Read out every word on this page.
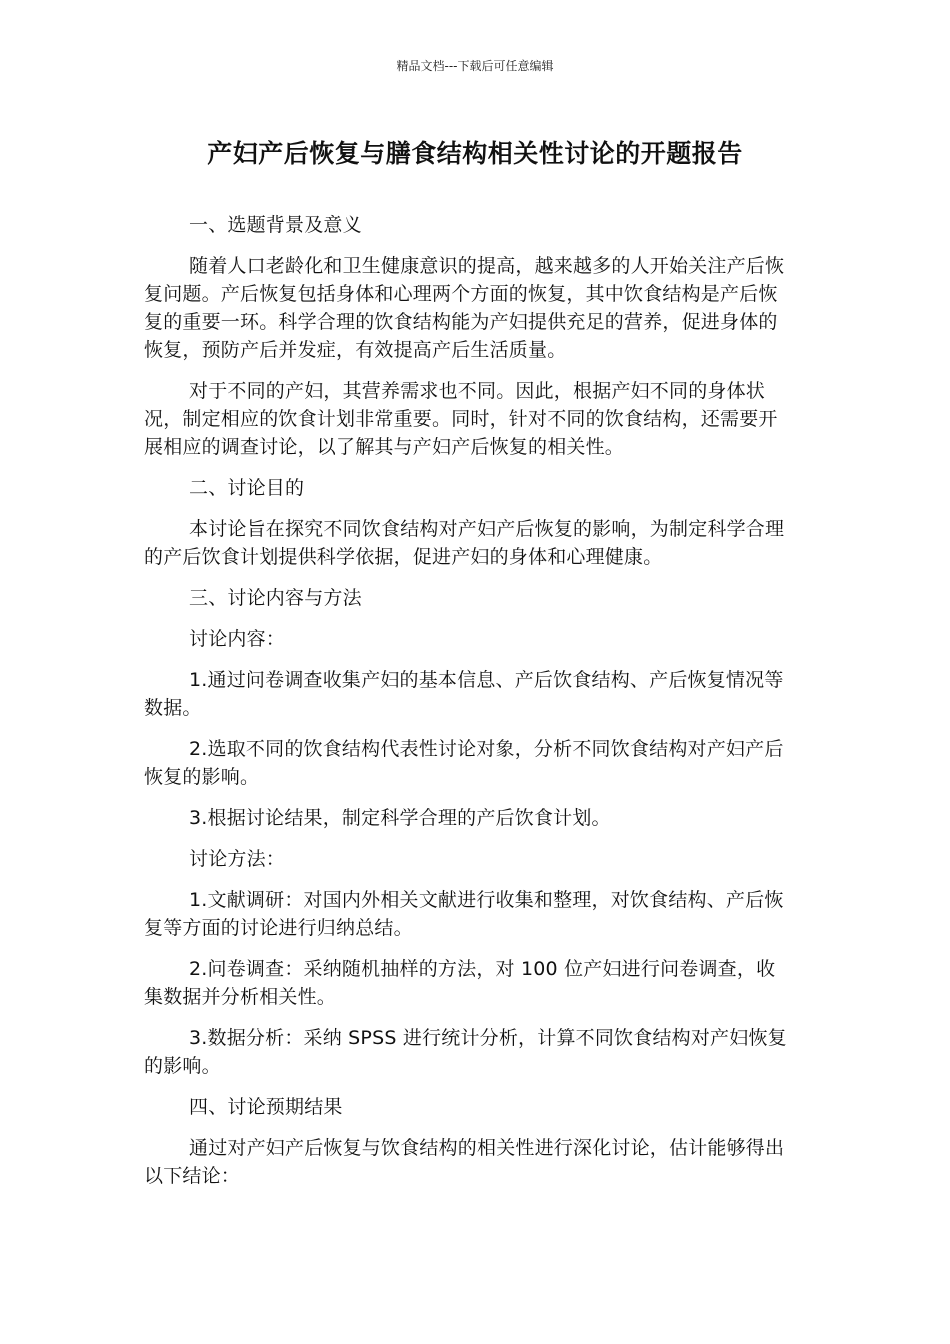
精品文档---下载后可任意编辑
产妇产后恢复与膳食结构相关性讨论的开题报告

一、选题背景及意义

随着人口老龄化和卫生健康意识的提高，越来越多的人开始关注产后恢复问题。产后恢复包括身体和心理两个方面的恢复，其中饮食结构是产后恢复的重要一环。科学合理的饮食结构能为产妇提供充足的营养，促进身体的恢复，预防产后并发症，有效提高产后生活质量。

对于不同的产妇，其营养需求也不同。因此，根据产妇不同的身体状况，制定相应的饮食计划非常重要。同时，针对不同的饮食结构，还需要开展相应的调查讨论，以了解其与产妇产后恢复的相关性。

二、讨论目的

本讨论旨在探究不同饮食结构对产妇产后恢复的影响，为制定科学合理的产后饮食计划提供科学依据，促进产妇的身体和心理健康。

三、讨论内容与方法

讨论内容：

1.通过问卷调查收集产妇的基本信息、产后饮食结构、产后恢复情况等数据。

2.选取不同的饮食结构代表性讨论对象，分析不同饮食结构对产妇产后恢复的影响。

3.根据讨论结果，制定科学合理的产后饮食计划。

讨论方法：

1.文献调研：对国内外相关文献进行收集和整理，对饮食结构、产后恢复等方面的讨论进行归纳总结。

2.问卷调查：采纳随机抽样的方法，对 100 位产妇进行问卷调查，收集数据并分析相关性。

3.数据分析：采纳 SPSS 进行统计分析，计算不同饮食结构对产妇恢复的影响。

四、讨论预期结果

通过对产妇产后恢复与饮食结构的相关性进行深化讨论，估计能够得出以下结论：
